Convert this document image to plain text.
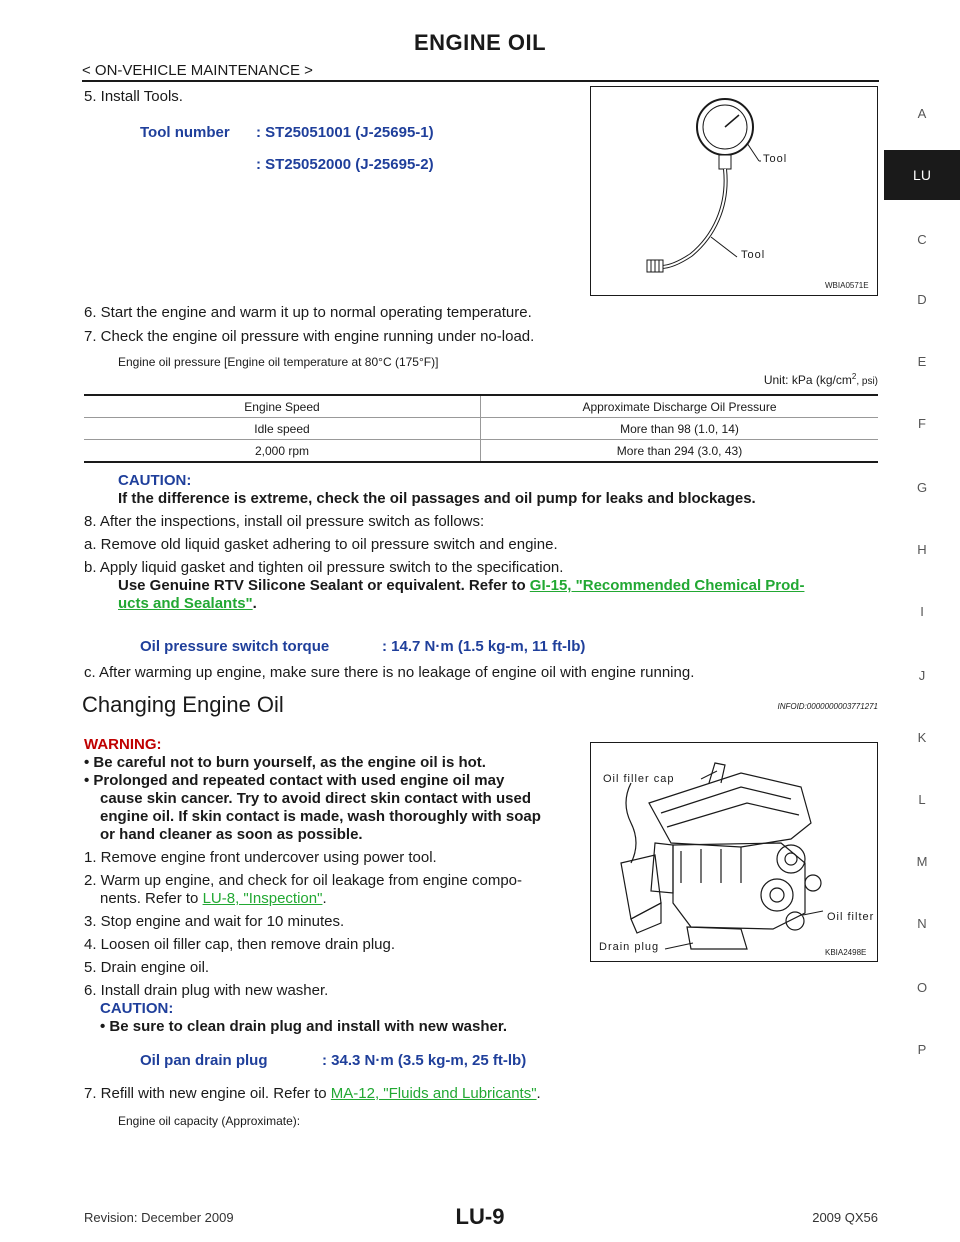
ENGINE OIL
< ON-VEHICLE MAINTENANCE >
A
LU
C
D
E
F
G
H
I
J
K
L
M
N
O
P
5. Install Tools.
Tool number : ST25051001 (J-25695-1)
: ST25052000 (J-25695-2)	Tool
Tool
WBIA0571E
6. Start the engine and warm it up to normal operating temperature.
7. Check the engine oil pressure with engine running under no-load.
Engine oil pressure [Engine oil temperature at 80°C (175°F)]
Unit: kPa ($kg/cm^2$, psi)
Engine Speed	Approximate Discharge Oil Pressure
Idle speed	More than 98 (1.0, 14)
2,000 rpm	More than 294 (3.0, 43)
CAUTION:
If the difference is extreme, check the oil passages and oil pump for leaks and blockages.
8. After the inspections, install oil pressure switch as follows:
a. Remove old liquid gasket adhering to oil pressure switch and engine.
b. Apply liquid gasket and tighten oil pressure switch to the specification.
Use Genuine RTV Silicone Sealant or equivalent. Refer to GI-15, "Recommended Chemical Prod-
ucts and Sealants".
Oil pressure switch torque	: 14.7 N·m (1.5 kg-m, 11 ft-lb)
c. After warming up engine, make sure there is no leakage of engine oil with engine running.
Changing Engine Oil	INFOID:0000000003771271
WARNING:
• Be careful not to burn yourself, as the engine oil is hot.
• Prolonged and repeated contact with used engine oil may
cause skin cancer. Try to avoid direct skin contact with used
engine oil. If skin contact is made, wash thoroughly with soap
or hand cleaner as soon as possible.
1. Remove engine front undercover using power tool.
2. Warm up engine, and check for oil leakage from engine compo-
nents. Refer to LU-8, "Inspection".
3. Stop engine and wait for 10 minutes.
4. Loosen oil filler cap, then remove drain plug.
5. Drain engine oil.
6. Install drain plug with new washer.
CAUTION:
• Be sure to clean drain plug and install with new washer.
Oil filler cap
Oil filter
Drain plug	KBIA2498E
Oil pan drain plug	: 34.3 N·m (3.5 kg-m, 25 ft-lb)
7. Refill with new engine oil. Refer to MA-12, "Fluids and Lubricants".
Engine oil capacity (Approximate):
Revision: December 2009	LU-9	2009 QX56
